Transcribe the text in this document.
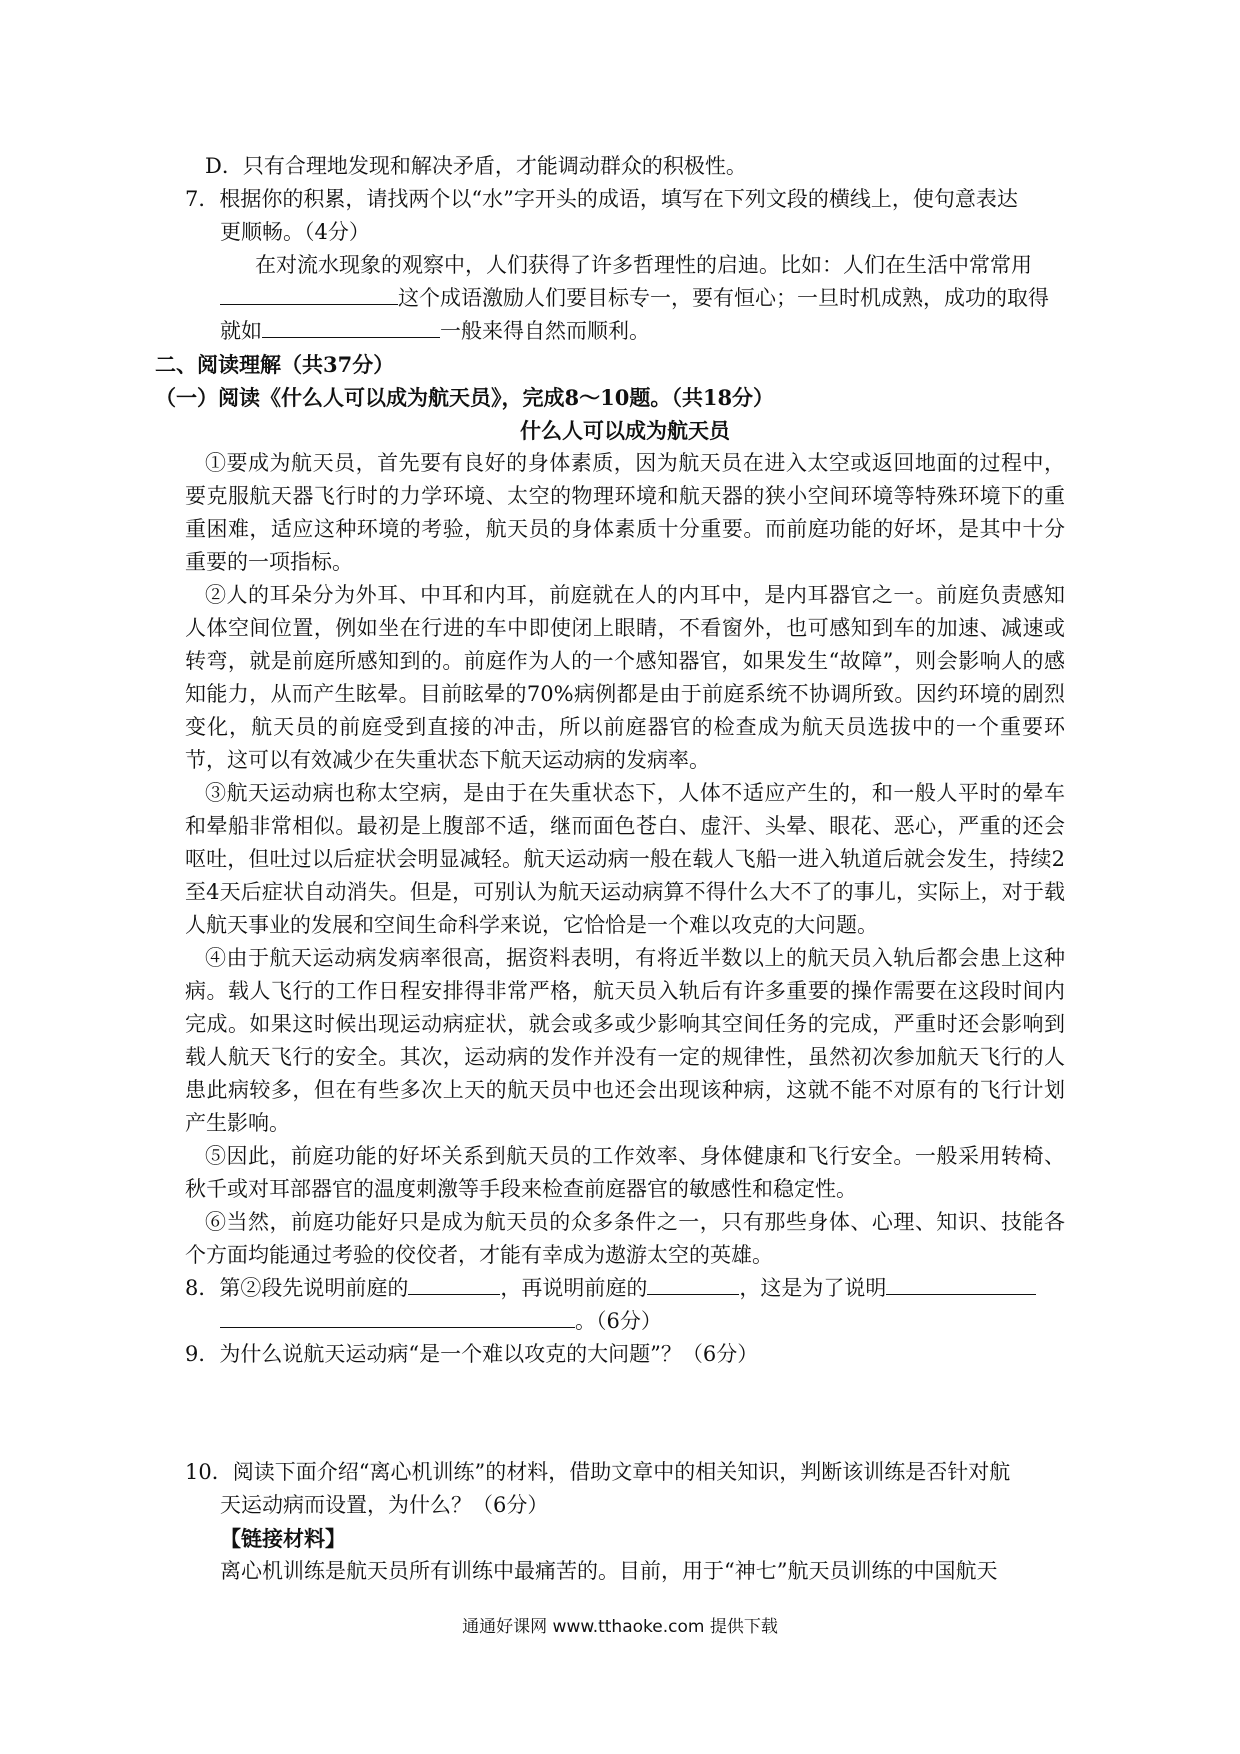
D．只有合理地发现和解决矛盾，才能调动群众的积极性。

7．根据你的积累，请找两个以“水”字开头的成语，填写在下列文段的横线上，使句意表达

更顺畅。（4分）

在对流水现象的观察中，人们获得了许多哲理性的启迪。比如：人们在生活中常常用

这个成语激励人们要目标专一，要有恒心；一旦时机成熟，成功的取得

就如	一般来得自然而顺利。

二、阅读理解（共37分）

（一）阅读《什么人可以成为航天员》，完成8～10题。（共18分）

什么人可以成为航天员

①要成为航天员，首先要有良好的身体素质，因为航天员在进入太空或返回地面的过程中，要克服航天器飞行时的力学环境、太空的物理环境和航天器的狭小空间环境等特殊环境下的重重困难，适应这种环境的考验，航天员的身体素质十分重要。而前庭功能的好坏，是其中十分重要的一项指标。

②人的耳朵分为外耳、中耳和内耳，前庭就在人的内耳中，是内耳器官之一。前庭负责感知人体空间位置，例如坐在行进的车中即使闭上眼睛，不看窗外，也可感知到车的加速、减速或转弯，就是前庭所感知到的。前庭作为人的一个感知器官，如果发生“故障”，则会影响人的感知能力，从而产生眩晕。目前眩晕的70%病例都是由于前庭系统不协调所致。因约环境的剧烈变化，航天员的前庭受到直接的冲击，所以前庭器官的检查成为航天员选拔中的一个重要环节，这可以有效减少在失重状态下航天运动病的发病率。

③航天运动病也称太空病，是由于在失重状态下，人体不适应产生的，和一般人平时的晕车和晕船非常相似。最初是上腹部不适，继而面色苍白、虚汗、头晕、眼花、恶心，严重的还会呕吐，但吐过以后症状会明显减轻。航天运动病一般在载人飞船一进入轨道后就会发生，持续2至4天后症状自动消失。但是，可别认为航天运动病算不得什么大不了的事儿，实际上，对于载人航天事业的发展和空间生命科学来说，它恰恰是一个难以攻克的大问题。

④由于航天运动病发病率很高，据资料表明，有将近半数以上的航天员入轨后都会患上这种病。载人飞行的工作日程安排得非常严格，航天员入轨后有许多重要的操作需要在这段时间内完成。如果这时候出现运动病症状，就会或多或少影响其空间任务的完成，严重时还会影响到载人航天飞行的安全。其次，运动病的发作并没有一定的规律性，虽然初次参加航天飞行的人患此病较多，但在有些多次上天的航天员中也还会出现该种病，这就不能不对原有的飞行计划产生影响。

⑤因此，前庭功能的好坏关系到航天员的工作效率、身体健康和飞行安全。一般采用转椅、秋千或对耳部器官的温度刺激等手段来检查前庭器官的敏感性和稳定性。

⑥当然，前庭功能好只是成为航天员的众多条件之一，只有那些身体、心理、知识、技能各个方面均能通过考验的佼佼者，才能有幸成为遨游太空的英雄。

8．第②段先说明前庭的	，再说明前庭的	，这是为了说明

。（6分）

9．为什么说航天运动病“是一个难以攻克的大问题”？（6分）

10．阅读下面介绍“离心机训练”的材料，借助文章中的相关知识，判断该训练是否针对航

天运动病而设置，为什么？（6分）

【链接材料】

离心机训练是航天员所有训练中最痛苦的。目前，用于“神七”航天员训练的中国航天

通通好课网 www.tthaoke.com 提供下载
